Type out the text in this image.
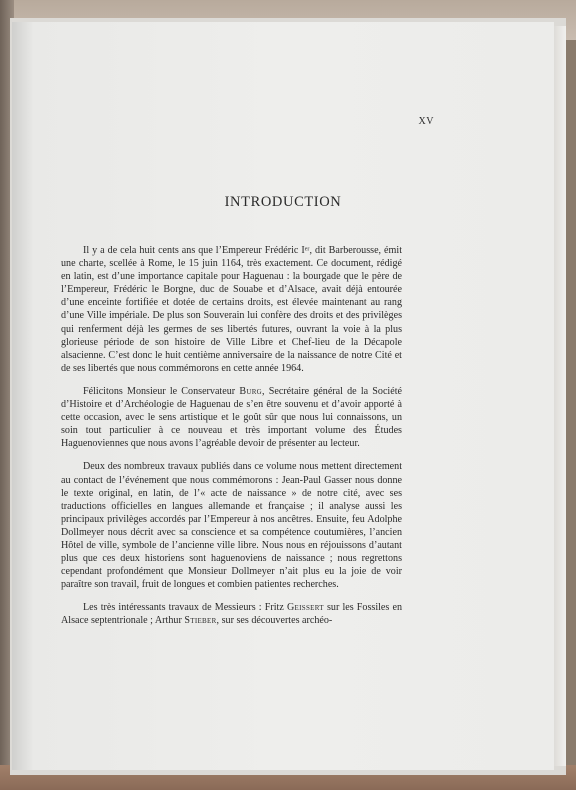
XV
INTRODUCTION

Il y a de cela huit cents ans que l’Empereur Frédéric Iᵉʳ, dit Barberousse, émit une charte, scellée à Rome, le 15 juin 1164, très exactement. Ce document, rédigé en latin, est d’une importance capitale pour Haguenau : la bourgade que le père de l’Empereur, Frédéric le Borgne, duc de Souabe et d’Alsace, avait déjà entourée d’une enceinte fortifiée et dotée de certains droits, est élevée maintenant au rang d’une Ville impériale. De plus son Souverain lui confère des droits et des privilèges qui renferment déjà les germes de ses libertés futures, ouvrant la voie à la plus glorieuse période de son histoire de Ville Libre et Chef-lieu de la Décapole alsacienne. C’est donc le huit centième anniversaire de la naissance de notre Cité et de ses libertés que nous commémorons en cette année 1964.

Félicitons Monsieur le Conservateur Burg, Secrétaire général de la Société d’Histoire et d’Archéologie de Haguenau de s’en être souvenu et d’avoir apporté à cette occasion, avec le sens artistique et le goût sûr que nous lui connaissons, un soin tout particulier à ce nouveau et très important volume des Études Haguenoviennes que nous avons l’agréable devoir de présenter au lecteur.

Deux des nombreux travaux publiés dans ce volume nous mettent directement au contact de l’événement que nous commémorons : Jean-Paul Gasser nous donne le texte original, en latin, de l’« acte de naissance » de notre cité, avec ses traductions officielles en langues allemande et française ; il analyse aussi les principaux privilèges accordés par l’Empereur à nos ancêtres. Ensuite, feu Adolphe Dollmeyer nous décrit avec sa conscience et sa compétence coutumières, l’ancien Hôtel de ville, symbole de l’ancienne ville libre. Nous nous en réjouissons d’autant plus que ces deux historiens sont haguenoviens de naissance ; nous regrettons cependant profondément que Monsieur Dollmeyer n’ait plus eu la joie de voir paraître son travail, fruit de longues et combien patientes recherches.

Les très intéressants travaux de Messieurs : Fritz Geissert sur les Fossiles en Alsace septentrionale ; Arthur Stieber, sur ses découvertes archéo-
